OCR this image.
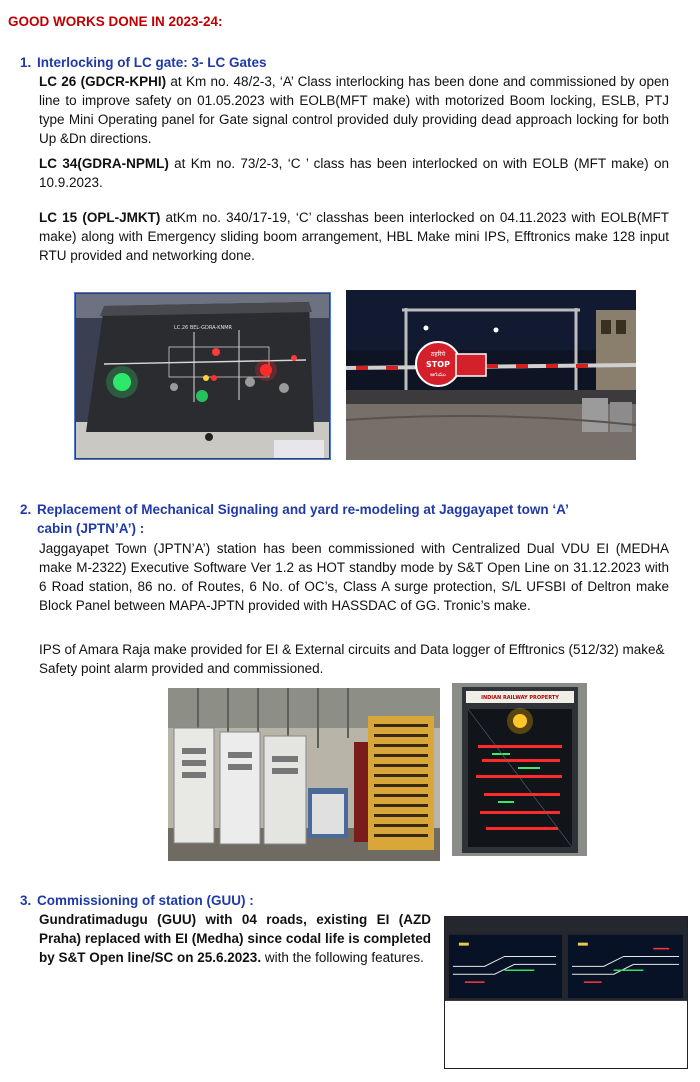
GOOD WORKS DONE IN 2023-24:
1. Interlocking of LC gate: 3- LC Gates
LC 26 (GDCR-KPHI) at Km no. 48/2-3, ‘A’ Class interlocking has been done and commissioned by open line to improve safety on 01.05.2023 with EOLB(MFT make) with motorized Boom locking, ESLB, PTJ type Mini Operating panel for Gate signal control provided duly providing dead approach locking for both Up &Dn directions.
LC 34(GDRA-NPML) at Km no. 73/2-3, ‘C ’ class has been interlocked on with EOLB (MFT make) on 10.9.2023.
LC 15 (OPL-JMKT) atKm no. 340/17-19, ‘C’ classhas been interlocked on 04.11.2023 with EOLB(MFT make) along with Emergency sliding boom arrangement, HBL Make mini IPS, Efftronics make 128 input RTU provided and networking done.
LC.26 BEL-GDRA-KNMR
ठहरिये
STOP
ఆగుము
2. Replacement of Mechanical Signaling and yard re-modeling at Jaggayapet town ‘A’
cabin (JPTN’A’) :
Jaggayapet Town (JPTN’A’) station has been commissioned with Centralized Dual VDU EI (MEDHA make M-2322) Executive Software Ver 1.2 as HOT standby mode by S&T Open Line on 31.12.2023 with 6 Road station, 86 no. of Routes, 6 No. of OC’s, Class A surge protection, S/L UFSBI of Deltron make Block Panel between MAPA-JPTN provided with HASSDAC of GG. Tronic’s make.
IPS of Amara Raja make provided for EI & External circuits and Data logger of Efftronics (512/32) make& Safety point alarm provided and commissioned.
INDIAN RAILWAY PROPERTY
3. Commissioning of station (GUU) :
Gundratimadugu (GUU) with 04 roads, existing EI (AZD Praha) replaced with EI (Medha) since codal life is completed by S&T Open line/SC on 25.6.2023. with the following features.
